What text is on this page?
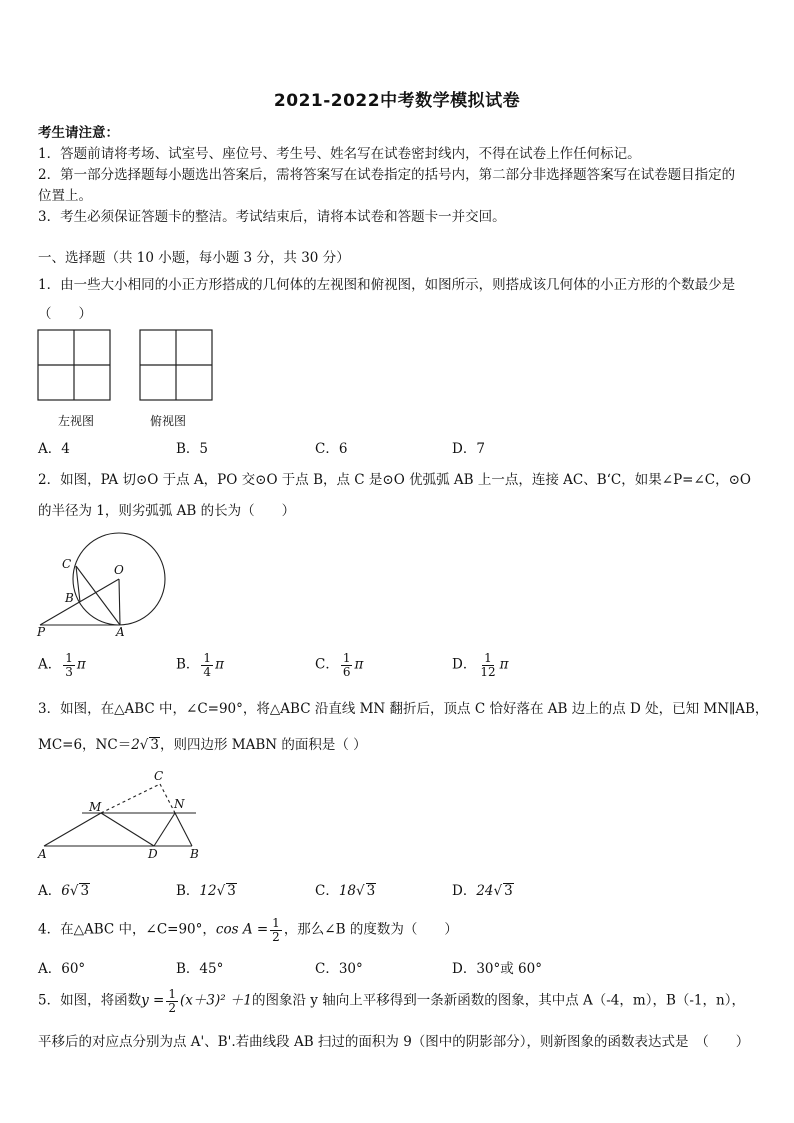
2021-2022中考数学模拟试卷
考生请注意：
1．答题前请将考场、试室号、座位号、考生号、姓名写在试卷密封线内，不得在试卷上作任何标记。
2．第一部分选择题每小题选出答案后，需将答案写在试卷指定的括号内，第二部分非选择题答案写在试卷题目指定的
位置上。
3．考生必须保证答题卡的整洁。考试结束后，请将本试卷和答题卡一并交回。
一、选择题（共 10 小题，每小题 3 分，共 30 分）
1．由一些大小相同的小正方形搭成的几何体的左视图和俯视图，如图所示，则搭成该几何体的小正方形的个数最少是
（　　）
左视图	俯视图
A．4	B．5	C．6	D．7
2．如图，PA 切⊙O 于点 A，PO 交⊙O 于点 B，点 C 是⊙O 优弧弧 AB 上一点，连接 AC、B‘C，如果∠P=∠C，⊙O
的半径为 1，则劣弧弧 AB 的长为（　　）
C	O
B
P	A
A． $\frac{1}{3}$ π	B． $\frac{1}{4}$ π	C． $\frac{1}{6}$ π	D． $\frac{1}{12}$ π
3．如图，在△ABC 中，∠C=90°，将△ABC 沿直线 MN 翻折后，顶点 C 恰好落在 AB 边上的点 D 处，已知 MN∥AB，
MC=6，NC＝2√ 3，则四边形 MABN 的面积是（ ）
C
M	N
A	D	B
A．6√ 3	B．12√ 3	C．18√ 3	D．24√ 3
4．在△ABC 中，∠C=90°，$\cos A = \frac{1}{2}$ ，那么∠B 的度数为（　　）
A．60°	B．45°	C．30°	D．30°或 60°
5．如图，将函数$y = \frac{1}{2} (x+3)^2 +1$的图象沿 y 轴向上平移得到一条新函数的图象，其中点 A（-4，m），B（-1，n），
平移后的对应点分别为点 A'、B'.若曲线段 AB 扫过的面积为 9（图中的阴影部分），则新图象的函数表达式是　（　　）
